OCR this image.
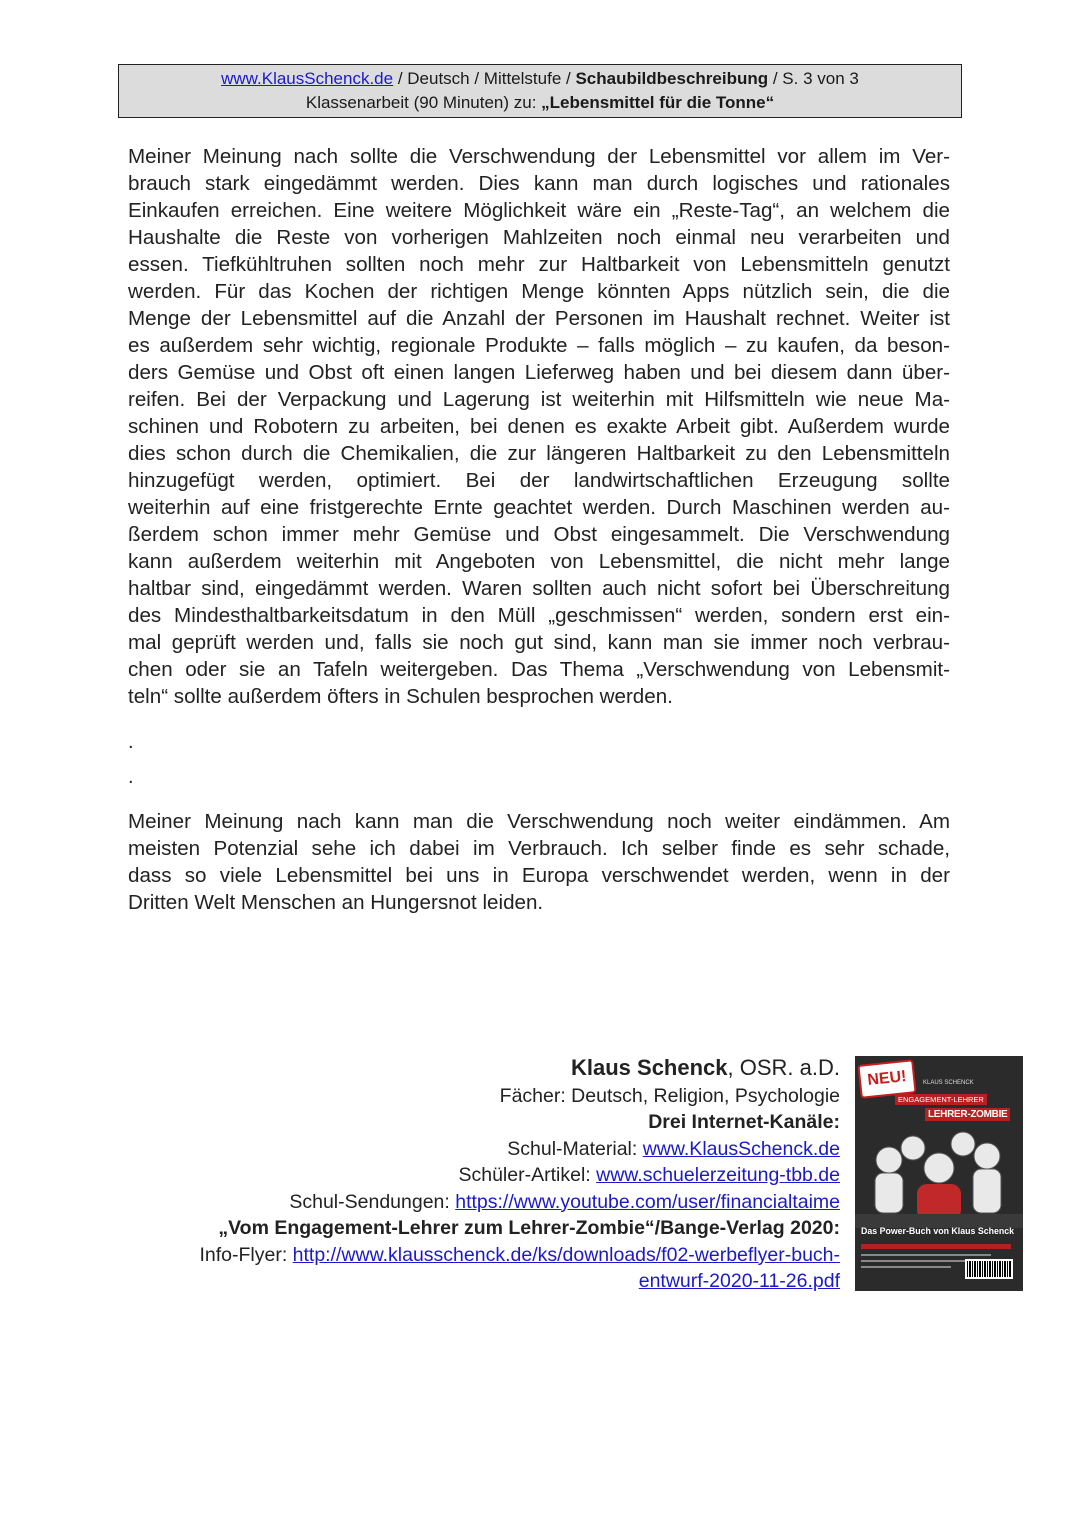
www.KlausSchenck.de / Deutsch / Mittelstufe / Schaubildbeschreibung / S. 3 von 3
Klassenarbeit (90 Minuten) zu: „Lebensmittel für die Tonne“
Meiner Meinung nach sollte die Verschwendung der Lebensmittel vor allem im Ver-
brauch stark eingedämmt werden. Dies kann man durch logisches und rationales
Einkaufen erreichen. Eine weitere Möglichkeit wäre ein „Reste-Tag“, an welchem die
Haushalte die Reste von vorherigen Mahlzeiten noch einmal neu verarbeiten und
essen. Tiefkühltruhen sollten noch mehr zur Haltbarkeit von Lebensmitteln genutzt
werden. Für das Kochen der richtigen Menge könnten Apps nützlich sein, die die
Menge der Lebensmittel auf die Anzahl der Personen im Haushalt rechnet. Weiter ist
es außerdem sehr wichtig, regionale Produkte – falls möglich – zu kaufen, da beson-
ders Gemüse und Obst oft einen langen Lieferweg haben und bei diesem dann über-
reifen. Bei der Verpackung und Lagerung ist weiterhin mit Hilfsmitteln wie neue Ma-
schinen und Robotern zu arbeiten, bei denen es exakte Arbeit gibt. Außerdem wurde
dies schon durch die Chemikalien, die zur längeren Haltbarkeit zu den Lebensmitteln
hinzugefügt werden, optimiert. Bei der landwirtschaftlichen Erzeugung sollte
weiterhin auf eine fristgerechte Ernte geachtet werden. Durch Maschinen werden au-
ßerdem schon immer mehr Gemüse und Obst eingesammelt. Die Verschwendung
kann außerdem weiterhin mit Angeboten von Lebensmittel, die nicht mehr lange
haltbar sind, eingedämmt werden. Waren sollten auch nicht sofort bei Überschreitung
des Mindesthaltbarkeitsdatum in den Müll „geschmissen“ werden, sondern erst ein-
mal geprüft werden und, falls sie noch gut sind, kann man sie immer noch verbrau-
chen oder sie an Tafeln weitergeben. Das Thema „Verschwendung von Lebensmit-
teln“ sollte außerdem öfters in Schulen besprochen werden.
.
.
Meiner Meinung nach kann man die Verschwendung noch weiter eindämmen. Am
meisten Potenzial sehe ich dabei im Verbrauch. Ich selber finde es sehr schade,
dass so viele Lebensmittel bei uns in Europa verschwendet werden, wenn in der
Dritten Welt Menschen an Hungersnot leiden.
Klaus Schenck, OSR. a.D.
Fächer: Deutsch, Religion, Psychologie
Drei Internet-Kanäle:
Schul-Material: www.KlausSchenck.de
Schüler-Artikel: www.schuelerzeitung-tbb.de
Schul-Sendungen: https://www.youtube.com/user/financialtaime
„Vom Engagement-Lehrer zum Lehrer-Zombie“/Bange-Verlag 2020:
Info-Flyer: http://www.klausschenck.de/ks/downloads/f02-werbeflyer-buch-
entwurf-2020-11-26.pdf
NEU!	KLAUS SCHENCK
ENGAGEMENT-LEHRER
LEHRER-ZOMBIE
Das Power-Buch von Klaus Schenck
